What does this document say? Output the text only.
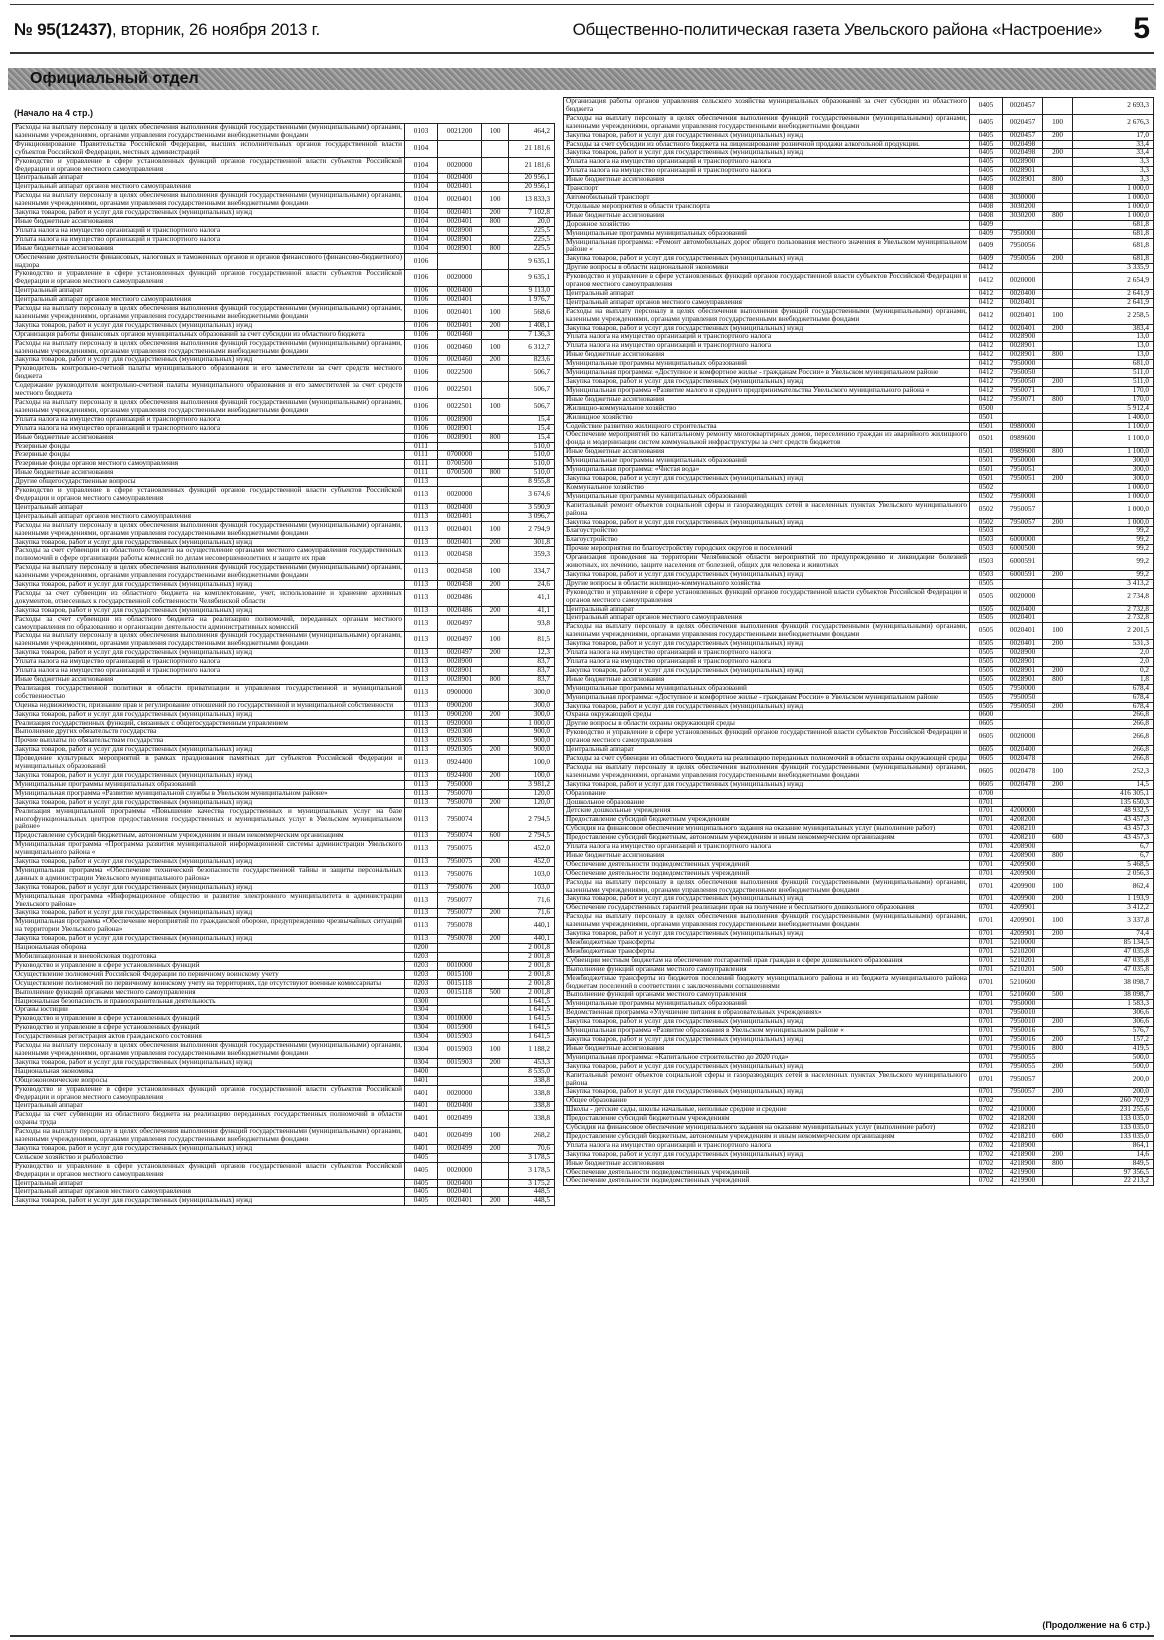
№ 95(12437), вторник, 26 ноября 2013 г.	Общественно-политическая газета Увельского района «Настроение» 5
Официальный отдел
(Начало на 4 стр.)
Расходы на выплату персоналу в целях обеспечения выполнения функций государственными (муниципальными) органами, казенными учреждениями, органами управления государственными внебюджетными фондами	0103	0021200	100	464,2
Функционирование Правительства Российской Федерации, высших исполнительных органов государственной власти субъектов Российской Федерации, местных администраций	0104			21 181,6
Руководство и управление в сфере установленных функций органов государственной власти субъектов Российской Федерации и органов местного самоуправления	0104	0020000		21 181,6
Центральный аппарат	0104	0020400		20 956,1
Центральный аппарат органов местного самоуправления	0104	0020401		20 956,1
Расходы на выплату персоналу в целях обеспечения выполнения функций государственными (муниципальными) органами, казенными учреждениями, органами управления государственными внебюджетными фондами	0104	0020401	100	13 833,3
Закупка товаров, работ и услуг для государственных (муниципальных) нужд	0104	0020401	200	7 102,8
Иные бюджетные ассигнования	0104	0020401	800	20,0
Уплата налога на имущество организаций и транспортного налога	0104	0028900		225,5
Уплата налога на имущество организаций и транспортного налога	0104	0028901		225,5
Иные бюджетные ассигнования	0104	0028901	800	225,5
Обеспечение деятельности финансовых, налоговых и таможенных органов и органов финансового (финансово-бюджетного) надзора	0106			9 635,1
Руководство и управление в сфере установленных функций органов государственной власти субъектов Российской Федерации и органов местного самоуправления	0106	0020000		9 635,1
Центральный аппарат	0106	0020400		9 113,0
Центральный аппарат органов местного самоуправления	0106	0020401		1 976,7
Расходы на выплату персоналу в целях обеспечения выполнения функций государственными (муниципальными) органами, казенными учреждениями, органами управления государственными внебюджетными фондами	0106	0020401	100	568,6
Закупка товаров, работ и услуг для государственных (муниципальных) нужд	0106	0020401	200	1 408,1
Организация работы финансовых органов муниципальных образований за счет субсидии из областного бюджета	0106	0020460		7 136,3
Расходы на выплату персоналу в целях обеспечения выполнения функций государственными (муниципальными) органами, казенными учреждениями, органами управления государственными внебюджетными фондами	0106	0020460	100	6 312,7
Закупка товаров, работ и услуг для государственных (муниципальных) нужд	0106	0020460	200	823,6
Руководитель контрольно-счетной палаты муниципального образования и его заместители за счет средств местного бюджета	0106	0022500		506,7
Содержание руководителя контрольно-счетной палаты муниципального образования и его заместителей за счет средств местного бюджета	0106	0022501		506,7
Расходы на выплату персоналу в целях обеспечения выполнения функций государственными (муниципальными) органами, казенными учреждениями, органами управления государственными внебюджетными фондами	0106	0022501	100	506,7
Уплата налога на имущество организаций и транспортного налога	0106	0028900		15,4
Уплата налога на имущество организаций и транспортного налога	0106	0028901		15,4
Иные бюджетные ассигнования	0106	0028901	800	15,4
Резервные фонды	0111			510,0
Резервные фонды	0111	0700000		510,0
Резервные фонды органов местного самоуправления	0111	0700500		510,0
Иные бюджетные ассигнования	0111	0700500	800	510,0
Другие общегосударственные вопросы	0113			8 955,8
Руководство и управление в сфере установленных функций органов государственной власти субъектов Российской Федерации и органов местного самоуправления	0113	0020000		3 674,6
Центральный аппарат	0113	0020400		3 590,9
Центральный аппарат органов местного самоуправления	0113	0020401		3 096,7
Расходы на выплату персоналу в целях обеспечения выполнения функций государственными (муниципальными) органами, казенными учреждениями, органами управления государственными внебюджетными фондами	0113	0020401	100	2 794,9
Закупка товаров, работ и услуг для государственных (муниципальных) нужд	0113	0020401	200	301,8
Расходы за счет субвенции из областного бюджета на осуществление органами местного самоуправления государственных полномочий в сфере организации работы комиссий по делам несовершеннолетних и защите их прав	0113	0020458		359,3
Расходы на выплату персоналу в целях обеспечения выполнения функций государственными (муниципальными) органами, казенными учреждениями, органами управления государственными внебюджетными фондами	0113	0020458	100	334,7
Закупка товаров, работ и услуг для государственных (муниципальных) нужд	0113	0020458	200	24,6
Расходы за счет субвенции из областного бюджета на комплектование, учет, использование и хранение архивных документов, отнесенных к государственной собственности Челябинской области	0113	0020486		41,1
Закупка товаров, работ и услуг для государственных (муниципальных) нужд	0113	0020486	200	41,1
Расходы за счет субвенции из областного бюджета на реализацию полномочий, переданных органам местного самоуправления по образованию и организации деятельности административных комиссий	0113	0020497		93,8
Расходы на выплату персоналу в целях обеспечения выполнения функций государственными (муниципальными) органами, казенными учреждениями, органами управления государственными внебюджетными фондами	0113	0020497	100	81,5
Закупка товаров, работ и услуг для государственных (муниципальных) нужд	0113	0020497	200	12,3
Уплата налога на имущество организаций и транспортного налога	0113	0028900		83,7
Уплата налога на имущество организаций и транспортного налога	0113	0028901		83,7
Иные бюджетные ассигнования	0113	0028901	800	83,7
Реализация государственной политики в области приватизации и управления государственной и муниципальной собственностью	0113	0900000		300,0
Оценка недвижимости, признание прав и регулирование отношений по государственной и муниципальной собственности	0113	0900200		300,0
Закупка товаров, работ и услуг для государственных (муниципальных) нужд	0113	0900200	200	300,0
Реализация государственных функций, связанных с общегосударственным управлением	0113	0920000		1 000,0
Выполнение других обязательств государства	0113	0920300		900,0
Прочие выплаты по обязательствам государства	0113	0920305		900,0
Закупка товаров, работ и услуг для государственных (муниципальных) нужд	0113	0920305	200	900,0
Проведение культурных мероприятий в рамках празднования памятных дат субъектов Российской Федерации и муниципальных образований	0113	0924400		100,0
Закупка товаров, работ и услуг для государственных (муниципальных) нужд	0113	0924400	200	100,0
Муниципальные программы муниципальных образований	0113	7950000		3 981,2
Муниципальная программа «Развитие муниципальной службы в Увельском муниципальном районе»	0113	7950070		120,0
Закупка товаров, работ и услуг для государственных (муниципальных) нужд	0113	7950070	200	120,0
Реализация муниципальной программы «Повышение качества государственных и муниципальных услуг на базе многофункциональных центров предоставления государственных и муниципальных услуг в Увельском муниципальном районе»	0113	7950074		2 794,5
Предоставление субсидий бюджетным, автономным учреждениям и иным некоммерческим организациям	0113	7950074	600	2 794,5
Муниципальная программа «Программа развития муниципальной информационной системы администрации Увельского муниципального района «	0113	7950075		452,0
Закупка товаров, работ и услуг для государственных (муниципальных) нужд	0113	7950075	200	452,0
Муниципальная программа «Обеспечение технической безопасности государственной тайны и защиты персональных данных в администрации Увельского муниципального района»	0113	7950076		103,0
Закупка товаров, работ и услуг для государственных (муниципальных) нужд	0113	7950076	200	103,0
Муниципальная программа «Информационное общество и развитие электронного муниципалитета в администрации Увельского района»	0113	7950077		71,6
Закупка товаров, работ и услуг для государственных (муниципальных) нужд	0113	7950077	200	71,6
Муниципальная программа «Обеспечение мероприятий по гражданской обороне, предупреждению чрезвычайных ситуаций на территории Увельского района»	0113	7950078		440,1
Закупка товаров, работ и услуг для государственных (муниципальных) нужд	0113	7950078	200	440,1
Национальная оборона	0200			2 001,8
Мобилизационная и вневойсковая подготовка	0203			2 001,8
Руководство и управление в сфере установленных функций	0203	0010000		2 001,8
Осуществление полномочий Российской Федерации по первичному воинскому учету	0203	0015100		2 001,8
Осуществление полномочий по первичному воинскому учету на территориях, где отсутствуют военные комиссариаты	0203	0015118		2 001,8
Выполнение функций органами местного самоуправления	0203	0015118	500	2 001,8
Национальная безопасность и правоохранительная деятельность	0300			1 641,5
Органы юстиции	0304			1 641,5
Руководство и управление в сфере установленных функций	0304	0010000		1 641,5
Руководство и управление в сфере установленных функций	0304	0015900		1 641,5
Государственная регистрация актов гражданского состояния	0304	0015903		1 641,5
Расходы на выплату персоналу в целях обеспечения выполнения функций государственными (муниципальными) органами, казенными учреждениями, органами управления государственными внебюджетными фондами	0304	0015903	100	1 188,2
Закупка товаров, работ и услуг для государственных (муниципальных) нужд	0304	0015903	200	453,3
Национальная экономика	0400			8 535,0
Общеэкономические вопросы	0401			338,8
Руководство и управление в сфере установленных функций органов государственной власти субъектов Российской Федерации и органов местного самоуправления	0401	0020000		338,8
Центральный аппарат	0401	0020400		338,8
Расходы за счет субвенции из областного бюджета на реализацию переданных государственных полномочий в области охраны труда	0401	0020499		338,8
Расходы на выплату персоналу в целях обеспечения выполнения функций государственными (муниципальными) органами, казенными учреждениями, органами управления государственными внебюджетными фондами	0401	0020499	100	268,2
Закупка товаров, работ и услуг для государственных (муниципальных) нужд	0401	0020499	200	70,6
Сельское хозяйство и рыболовство	0405			3 178,5
Руководство и управление в сфере установленных функций органов государственной власти субъектов Российской Федерации и органов местного самоуправления	0405	0020000		3 178,5
Центральный аппарат	0405	0020400		3 175,2
Центральный аппарат органов местного самоуправления	0405	0020401		448,5
Закупка товаров, работ и услуг для государственных (муниципальных) нужд	0405	0020401	200	448,5
Организация работы органов управления сельского хозяйства муниципальных образований за счет субсидии из областного бюджета	0405	0020457		2 693,3
Расходы на выплату персоналу в целях обеспечения выполнения функций государственными (муниципальными) органами, казенными учреждениями, органами управления государственными внебюджетными фондами	0405	0020457	100	2 676,3
Закупка товаров, работ и услуг для государственных (муниципальных) нужд	0405	0020457	200	17,0
Расходы за счет субсидии из областного бюджета на лицензирование розничной продажи алкогольной продукции.	0405	0020498		33,4
Закупка товаров, работ и услуг для государственных (муниципальных) нужд	0405	0020498	200	33,4
Уплата налога на имущество организаций и транспортного налога	0405	0028900		3,3
Уплата налога на имущество организаций и транспортного налога	0405	0028901		3,3
Иные бюджетные ассигнования	0405	0028901	800	3,3
Транспорт	0408			1 000,0
Автомобильный транспорт	0408	3030000		1 000,0
Отдельные мероприятия в области транспорта	0408	3030200		1 000,0
Иные бюджетные ассигнования	0408	3030200	800	1 000,0
Дорожное хозяйство	0409			681,8
Муниципальные программы муниципальных образований	0409	7950000		681,8
Муниципальная программа: «Ремонт автомобильных дорог общего пользования местного значения в Увельском муниципальном районе «	0409	7950056		681,8
Закупка товаров, работ и услуг для государственных (муниципальных) нужд	0409	7950056	200	681,8
Другие вопросы в области национальной экономики	0412			3 335,9
Руководство и управление в сфере установленных функций органов государственной власти субъектов Российской Федерации и органов местного самоуправления	0412	0020000		2 654,9
Центральный аппарат	0412	0020400		2 641,9
Центральный аппарат органов местного самоуправления	0412	0020401		2 641,9
Расходы на выплату персоналу в целях обеспечения выполнения функций государственными (муниципальными) органами, казенными учреждениями, органами управления государственными внебюджетными фондами	0412	0020401	100	2 258,5
Закупка товаров, работ и услуг для государственных (муниципальных) нужд	0412	0020401	200	383,4
Уплата налога на имущество организаций и транспортного налога	0412	0028900		13,0
Уплата налога на имущество организаций и транспортного налога	0412	0028901		13,0
Иные бюджетные ассигнования	0412	0028901	800	13,0
Муниципальные программы муниципальных образований	0412	7950000		681,0
Муниципальная программа: «Доступное и комфортное жилье - гражданам России» в Увельском муниципальном районе	0412	7950050		511,0
Закупка товаров, работ и услуг для государственных (муниципальных) нужд	0412	7950050	200	511,0
Муниципальная программа «Развитие малого и среднего предпринимательства Увельского муниципального района «	0412	7950071		170,0
Иные бюджетные ассигнования	0412	7950071	800	170,0
Жилищно-коммунальное хозяйство	0500			5 912,4
Жилищное хозяйство	0501			1 400,0
Содействие развитию жилищного строительства	0501	0980000		1 100,0
Обеспечение мероприятий по капитальному ремонту многоквартирных домов, переселению граждан из аварийного жилищного фонда и модернизации систем коммунальной инфраструктуры за счет средств бюджетов	0501	0989600		1 100,0
Иные бюджетные ассигнования	0501	0989600	800	1 100,0
Муниципальные программы муниципальных образований	0501	7950000		300,0
Муниципальная программа: «Чистая вода»	0501	7950051		300,0
Закупка товаров, работ и услуг для государственных (муниципальных) нужд	0501	7950051	200	300,0
Коммунальное хозяйство	0502			1 000,0
Муниципальные программы муниципальных образований	0502	7950000		1 000,0
Капитальный ремонт объектов социальной сферы и газоразводящих сетей в населенных пунктах Увельского муниципального района	0502	7950057		1 000,0
Закупка товаров, работ и услуг для государственных (муниципальных) нужд	0502	7950057	200	1 000,0
Благоустройство	0503			99,2
Благоустройство	0503	6000000		99,2
Прочие мероприятия по благоустройству городских округов и поселений	0503	6000500		99,2
Организация проведения на территории Челябинской области мероприятий по предупреждению и ликвидации болезней животных, их лечению, защите населения от болезней, общих для человека и животных	0503	6000591		99,2
Закупка товаров, работ и услуг для государственных (муниципальных) нужд	0503	6000591	200	99,2
Другие вопросы в области жилищно-коммунального хозяйства	0505			3 413,2
Руководство и управление в сфере установленных функций органов государственной власти субъектов Российской Федерации и органов местного самоуправления	0505	0020000		2 734,8
Центральный аппарат	0505	0020400		2 732,8
Центральный аппарат органов местного самоуправления	0505	0020401		2 732,8
Расходы на выплату персоналу в целях обеспечения выполнения функций государственными (муниципальными) органами, казенными учреждениями, органами управления государственными внебюджетными фондами	0505	0020401	100	2 201,5
Закупка товаров, работ и услуг для государственных (муниципальных) нужд	0505	0020401	200	531,3
Уплата налога на имущество организаций и транспортного налога	0505	0028900		2,0
Уплата налога на имущество организаций и транспортного налога	0505	0028901		2,0
Закупка товаров, работ и услуг для государственных (муниципальных) нужд	0505	0028901	200	0,2
Иные бюджетные ассигнования	0505	0028901	800	1,8
Муниципальные программы муниципальных образований	0505	7950000		678,4
Муниципальная программа: «Доступное и комфортное жилье - гражданам России» в Увельском муниципальном районе	0505	7950050		678,4
Закупка товаров, работ и услуг для государственных (муниципальных) нужд	0505	7950050	200	678,4
Охрана окружающей среды	0600			266,8
Другие вопросы в области охраны окружающей среды	0605			266,8
Руководство и управление в сфере установленных функций органов государственной власти субъектов Российской Федерации и органов местного самоуправления	0605	0020000		266,8
Центральный аппарат	0605	0020400		266,8
Расходы за счет субвенции из областного бюджета на реализацию переданных полномочий в области охраны окружающей среды	0605	0020478		266,8
Расходы на выплату персоналу в целях обеспечения выполнения функций государственными (муниципальными) органами, казенными учреждениями, органами управления государственными внебюджетными фондами	0605	0020478	100	252,3
Закупка товаров, работ и услуг для государственных (муниципальных) нужд	0605	0020478	200	14,5
Образование	0700			416 305,1
Дошкольное образование	0701			135 650,3
Детские дошкольные учреждения	0701	4200000		48 932,5
Предоставление субсидий бюджетным учреждениям	0701	4208200		43 457,3
Субсидия на финансовое обеспечение муниципального задания на оказание муниципальных услуг (выполнение работ)	0701	4208210		43 457,3
Предоставление субсидий бюджетным, автономным учреждениям и иным некоммерческим организациям	0701	4208210	600	43 457,3
Уплата налога на имущество организаций и транспортного налога	0701	4208900		6,7
Иные бюджетные ассигнования	0701	4208900	800	6,7
Обеспечение деятельности подведомственных учреждений	0701	4209900		5 468,5
Обеспечение деятельности подведомственных учреждений	0701	4209900		2 056,3
Расходы на выплату персоналу в целях обеспечения выполнения функций государственными (муниципальными) органами, казенными учреждениями, органами управления государственными внебюджетными фондами	0701	4209900	100	862,4
Закупка товаров, работ и услуг для государственных (муниципальных) нужд	0701	4209900	200	1 193,9
Обеспечение государственных гарантий реализации прав на получение и бесплатного дошкольного образования	0701	4209901		3 412,2
Расходы на выплату персоналу в целях обеспечения выполнения функций государственными (муниципальными) органами, казенными учреждениями, органами управления государственными внебюджетными фондами	0701	4209901	100	3 337,8
Закупка товаров, работ и услуг для государственных (муниципальных) нужд	0701	4209901	200	74,4
Межбюджетные трансферты	0701	5210000		85 134,5
Межбюджетные трансферты	0701	5210200		47 035,8
Субвенции местным бюджетам на обеспечение госгарантий прав граждан в сфере дошкольного образования	0701	5210201		47 035,8
Выполнение функций органами местного самоуправления	0701	5210201	500	47 035,8
Межбюджетные трансферты из бюджетов поселений бюджету муниципального района и из бюджета муниципального района бюджетам поселений в соответствии с заключенными соглашениями	0701	5210600		38 098,7
Выполнение функций органами местного самоуправления	0701	5210600	500	38 098,7
Муниципальные программы муниципальных образований	0701	7950000		1 583,3
Ведомственная программа «Улучшение питания в образовательных учреждениях»	0701	7950010		306,6
Закупка товаров, работ и услуг для государственных (муниципальных) нужд	0701	7950010	200	306,6
Муниципальная программа «Развитие образования в Увельском муниципальном районе «	0701	7950016		576,7
Закупка товаров, работ и услуг для государственных (муниципальных) нужд	0701	7950016	200	157,2
Иные бюджетные ассигнования	0701	7950016	800	419,5
Муниципальная программа: «Капитальное строительство до 2020 года»	0701	7950055		500,0
Закупка товаров, работ и услуг для государственных (муниципальных) нужд	0701	7950055	200	500,0
Капитальный ремонт объектов социальной сферы и газоразводящих сетей в населенных пунктах Увельского муниципального района	0701	7950057		200,0
Закупка товаров, работ и услуг для государственных (муниципальных) нужд	0701	7950057	200	200,0
Общее образование	0702			260 702,9
Школы - детские сады, школы начальные, неполные средние и средние	0702	4210000		231 255,6
Предоставление субсидий бюджетным учреждениям	0702	4218200		133 035,0
Субсидия на финансовое обеспечение муниципального задания на оказание муниципальных услуг (выполнение работ)	0702	4218210		133 035,0
Предоставление субсидий бюджетным, автономным учреждениям и иным некоммерческим организациям	0702	4218210	600	133 035,0
Уплата налога на имущество организаций и транспортного налога	0702	4218900		864,1
Закупка товаров, работ и услуг для государственных (муниципальных) нужд	0702	4218900	200	14,6
Иные бюджетные ассигнования	0702	4218900	800	849,5
Обеспечение деятельности подведомственных учреждений	0702	4219900		97 356,5
Обеспечение деятельности подведомственных учреждений	0702	4219900		22 213,2
(Продолжение на 6 стр.)
